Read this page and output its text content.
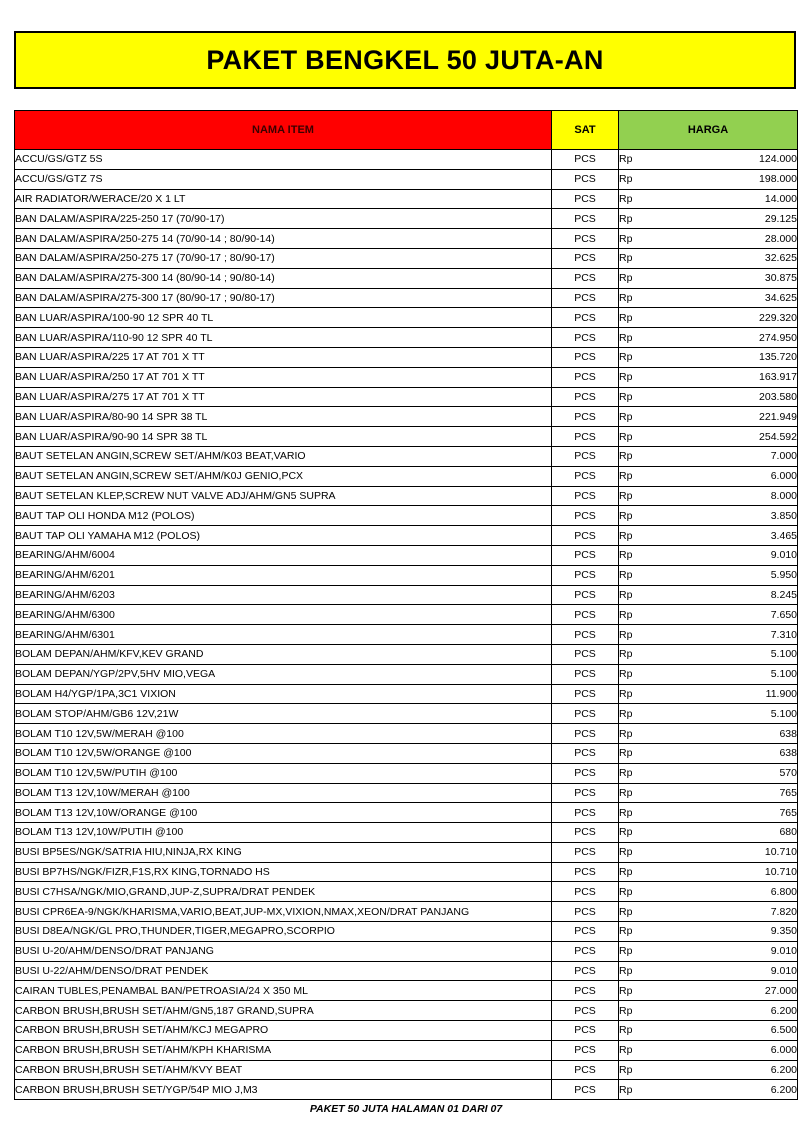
PAKET BENGKEL 50 JUTA-AN
NAMA ITEM	SAT	HARGA
ACCU/GS/GTZ 5S	PCS	Rp 124.000

ACCU/GS/GTZ 7S	PCS	Rp 198.000

AIR RADIATOR/WERACE/20 X 1 LT	PCS	Rp 14.000

BAN DALAM/ASPIRA/225-250 17 (70/90-17)	PCS	Rp 29.125

BAN DALAM/ASPIRA/250-275 14 (70/90-14 ; 80/90-14)	PCS	Rp 28.000

BAN DALAM/ASPIRA/250-275 17 (70/90-17 ; 80/90-17)	PCS	Rp 32.625

BAN DALAM/ASPIRA/275-300 14 (80/90-14 ; 90/80-14)	PCS	Rp 30.875

BAN DALAM/ASPIRA/275-300 17 (80/90-17 ; 90/80-17)	PCS	Rp 34.625

BAN LUAR/ASPIRA/100-90 12 SPR 40 TL	PCS	Rp 229.320

BAN LUAR/ASPIRA/110-90 12 SPR 40 TL	PCS	Rp 274.950

BAN LUAR/ASPIRA/225 17 AT 701 X TT	PCS	Rp 135.720

BAN LUAR/ASPIRA/250 17 AT 701 X TT	PCS	Rp 163.917

BAN LUAR/ASPIRA/275 17 AT 701 X TT	PCS	Rp 203.580

BAN LUAR/ASPIRA/80-90 14 SPR 38 TL	PCS	Rp 221.949

BAN LUAR/ASPIRA/90-90 14 SPR 38 TL	PCS	Rp 254.592

BAUT SETELAN ANGIN,SCREW SET/AHM/K03 BEAT,VARIO	PCS	Rp 7.000

BAUT SETELAN ANGIN,SCREW SET/AHM/K0J GENIO,PCX	PCS	Rp 6.000

BAUT SETELAN KLEP,SCREW NUT VALVE ADJ/AHM/GN5 SUPRA	PCS	Rp 8.000

BAUT TAP OLI HONDA M12 (POLOS)	PCS	Rp 3.850

BAUT TAP OLI YAMAHA M12 (POLOS)	PCS	Rp 3.465

BEARING/AHM/6004	PCS	Rp 9.010

BEARING/AHM/6201	PCS	Rp 5.950

BEARING/AHM/6203	PCS	Rp 8.245

BEARING/AHM/6300	PCS	Rp 7.650

BEARING/AHM/6301	PCS	Rp 7.310

BOLAM DEPAN/AHM/KFV,KEV GRAND	PCS	Rp 5.100

BOLAM DEPAN/YGP/2PV,5HV MIO,VEGA	PCS	Rp 5.100

BOLAM H4/YGP/1PA,3C1 VIXION	PCS	Rp 11.900

BOLAM STOP/AHM/GB6 12V,21W	PCS	Rp 5.100

BOLAM T10 12V,5W/MERAH @100	PCS	Rp 638

BOLAM T10 12V,5W/ORANGE @100	PCS	Rp 638

BOLAM T10 12V,5W/PUTIH @100	PCS	Rp 570

BOLAM T13 12V,10W/MERAH @100	PCS	Rp 765

BOLAM T13 12V,10W/ORANGE @100	PCS	Rp 765

BOLAM T13 12V,10W/PUTIH @100	PCS	Rp 680

BUSI BP5ES/NGK/SATRIA HIU,NINJA,RX KING	PCS	Rp 10.710

BUSI BP7HS/NGK/FIZR,F1S,RX KING,TORNADO HS	PCS	Rp 10.710

BUSI C7HSA/NGK/MIO,GRAND,JUP-Z,SUPRA/DRAT PENDEK	PCS	Rp 6.800

BUSI CPR6EA-9/NGK/KHARISMA,VARIO,BEAT,JUP-MX,VIXION,NMAX,XEON/DRAT PANJANG	PCS	Rp 7.820

BUSI D8EA/NGK/GL PRO,THUNDER,TIGER,MEGAPRO,SCORPIO	PCS	Rp 9.350

BUSI U-20/AHM/DENSO/DRAT PANJANG	PCS	Rp 9.010

BUSI U-22/AHM/DENSO/DRAT PENDEK	PCS	Rp 9.010

CAIRAN TUBLES,PENAMBAL BAN/PETROASIA/24 X 350 ML	PCS	Rp 27.000

CARBON BRUSH,BRUSH SET/AHM/GN5,187 GRAND,SUPRA	PCS	Rp 6.200

CARBON BRUSH,BRUSH SET/AHM/KCJ MEGAPRO	PCS	Rp 6.500

CARBON BRUSH,BRUSH SET/AHM/KPH KHARISMA	PCS	Rp 6.000

CARBON BRUSH,BRUSH SET/AHM/KVY BEAT	PCS	Rp 6.200

CARBON BRUSH,BRUSH SET/YGP/54P MIO J,M3	PCS	Rp 6.200
PAKET 50 JUTA HALAMAN 01 DARI 07
